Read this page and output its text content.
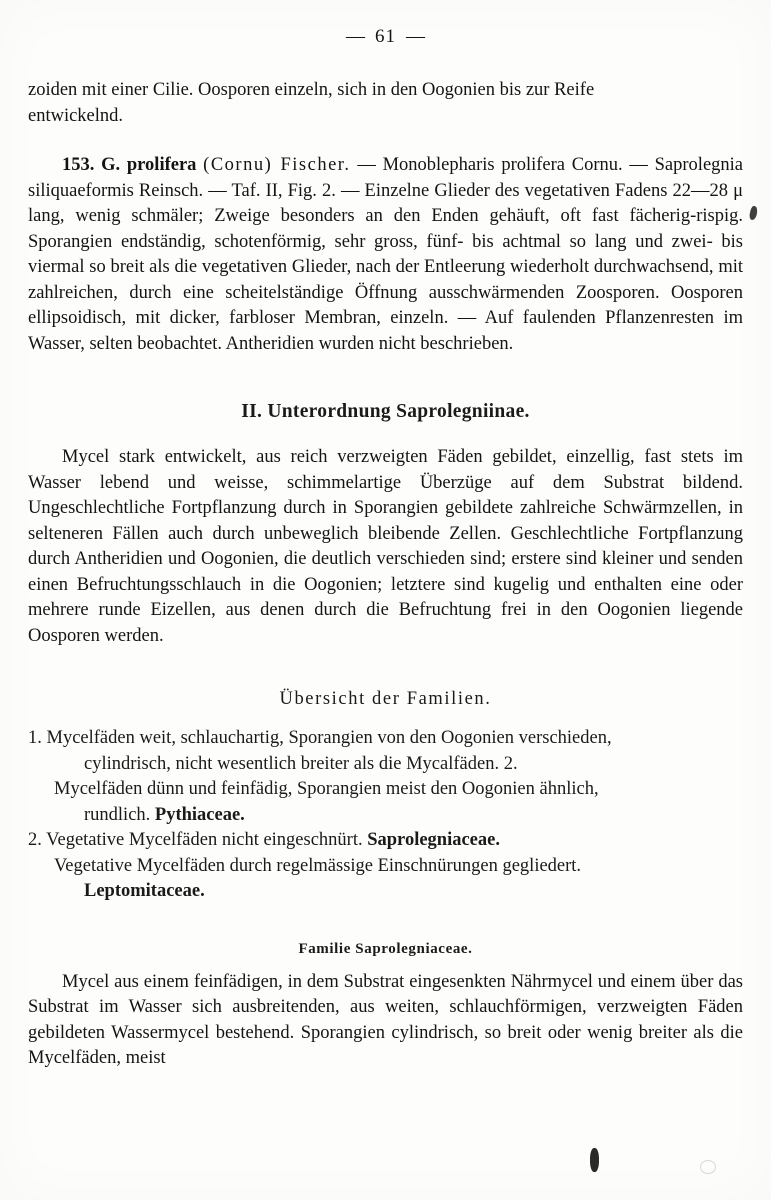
— 61 —

zoiden mit einer Cilie. Oosporen einzeln, sich in den Oogonien bis zur Reife

entwickelnd.

153. G. prolifera (Cornu) Fischer. — Monoblepharis prolifera Cornu. — Saprolegnia siliquaeformis Reinsch. — Taf. II, Fig. 2. — Einzelne Glieder des vegetativen Fadens 22—28 μ lang, wenig schmäler; Zweige besonders an den Enden gehäuft, oft fast fächerig-rispig. Sporangien endständig, schotenförmig, sehr gross, fünf- bis achtmal so lang und zwei- bis viermal so breit als die vegetativen Glieder, nach der Entleerung wiederholt durchwachsend, mit zahlreichen, durch eine scheitelständige Öffnung ausschwärmenden Zoosporen. Oosporen ellipsoidisch, mit dicker, farbloser Membran, einzeln. — Auf faulenden Pflanzenresten im Wasser, selten beobachtet. Antheridien wurden nicht beschrieben.

II. Unterordnung Saprolegniinae.

Mycel stark entwickelt, aus reich verzweigten Fäden gebildet, einzellig, fast stets im Wasser lebend und weisse, schimmelartige Überzüge auf dem Substrat bildend. Ungeschlechtliche Fortpflanzung durch in Sporangien gebildete zahlreiche Schwärmzellen, in selteneren Fällen auch durch unbeweglich bleibende Zellen. Geschlechtliche Fortpflanzung durch Antheridien und Oogonien, die deutlich verschieden sind; erstere sind kleiner und senden einen Befruchtungsschlauch in die Oogonien; letztere sind kugelig und enthalten eine oder mehrere runde Eizellen, aus denen durch die Befruchtung frei in den Oogonien liegende Oosporen werden.

Übersicht der Familien.
1. Mycelfäden weit, schlauchartig, Sporangien von den Oogonien verschieden,
cylindrisch, nicht wesentlich breiter als die Mycalfäden. 2.
Mycelfäden dünn und feinfädig, Sporangien meist den Oogonien ähnlich,
rundlich. Pythiaceae.
2. Vegetative Mycelfäden nicht eingeschnürt. Saprolegniaceae.
Vegetative Mycelfäden durch regelmässige Einschnürungen gegliedert.
Leptomitaceae.
Familie Saprolegniaceae.

Mycel aus einem feinfädigen, in dem Substrat eingesenkten Nährmycel und einem über das Substrat im Wasser sich ausbreitenden, aus weiten, schlauchförmigen, verzweigten Fäden gebildeten Wassermycel bestehend. Sporangien cylindrisch, so breit oder wenig breiter als die Mycelfäden, meist
